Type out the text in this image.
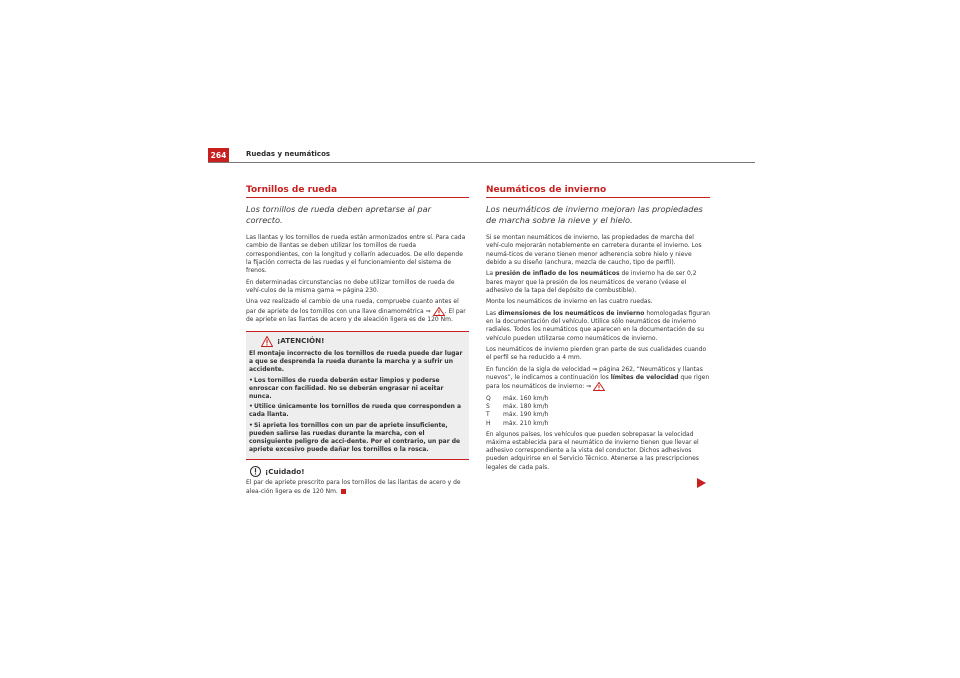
264	Ruedas y neumáticos
Tornillos de rueda
Los tornillos de rueda deben apretarse al par correcto.

Las llantas y los tornillos de rueda están armonizados entre sí. Para cada cambio de llantas se deben utilizar los tornillos de rueda correspondientes, con la longitud y collarín adecuados. De ello depende la fijación correcta de las ruedas y el funcionamiento del sistema de frenos.

En determinadas circunstancias no debe utilizar tornillos de rueda de vehí-culos de la misma gama ⇒ página 230.

Una vez realizado el cambio de una rueda, compruebe cuanto antes el par de apriete de los tornillos con una llave dinamométrica ⇒ . El par de apriete en las llantas de acero y de aleación ligera es de 120 Nm.

¡ATENCIÓN!

El montaje incorrecto de los tornillos de rueda puede dar lugar a que se desprenda la rueda durante la marcha y a sufrir un accidente.

•Los tornillos de rueda deberán estar limpios y poderse enroscar con facilidad. No se deberán engrasar ni aceitar nunca.

•Utilice únicamente los tornillos de rueda que corresponden a cada llanta.

•Si aprieta los tornillos con un par de apriete insuficiente, pueden salirse las ruedas durante la marcha, con el consiguiente peligro de acci-dente. Por el contrario, un par de apriete excesivo puede dañar los tornillos o la rosca.

¡Cuidado!

El par de apriete prescrito para los tornillos de las llantas de acero y de alea-ción ligera es de 120 Nm.

Neumáticos de invierno
Los neumáticos de invierno mejoran las propiedades de marcha sobre la nieve y el hielo.

Si se montan neumáticos de invierno, las propiedades de marcha del vehí-culo mejorarán notablemente en carretera durante el invierno. Los neumá-ticos de verano tienen menor adherencia sobre hielo y nieve debido a su diseño (anchura, mezcla de caucho, tipo de perfil).

La presión de inflado de los neumáticos de invierno ha de ser 0,2 bares mayor que la presión de los neumáticos de verano (véase el adhesivo de la tapa del depósito de combustible).

Monte los neumáticos de invierno en las cuatro ruedas.

Las dimensiones de los neumáticos de invierno homologadas figuran en la documentación del vehículo. Utilice sólo neumáticos de invierno radiales. Todos los neumáticos que aparecen en la documentación de su vehículo pueden utilizarse como neumáticos de invierno.

Los neumáticos de invierno pierden gran parte de sus cualidades cuando el perfil se ha reducido a 4 mm.

En función de la sigla de velocidad ⇒ página 262, “Neumáticos y llantas nuevos”, le indicamos a continuación los límites de velocidad que rigen para los neumáticos de invierno: ⇒

Q	máx. 160 km/h
S	máx. 180 km/h
T	máx. 190 km/h
H	máx. 210 km/h

En algunos países, los vehículos que pueden sobrepasar la velocidad máxima establecida para el neumático de invierno tienen que llevar el adhesivo correspondiente a la vista del conductor. Dichos adhesivos pueden adquirirse en el Servicio Técnico. Atenerse a las prescripciones legales de cada país.
